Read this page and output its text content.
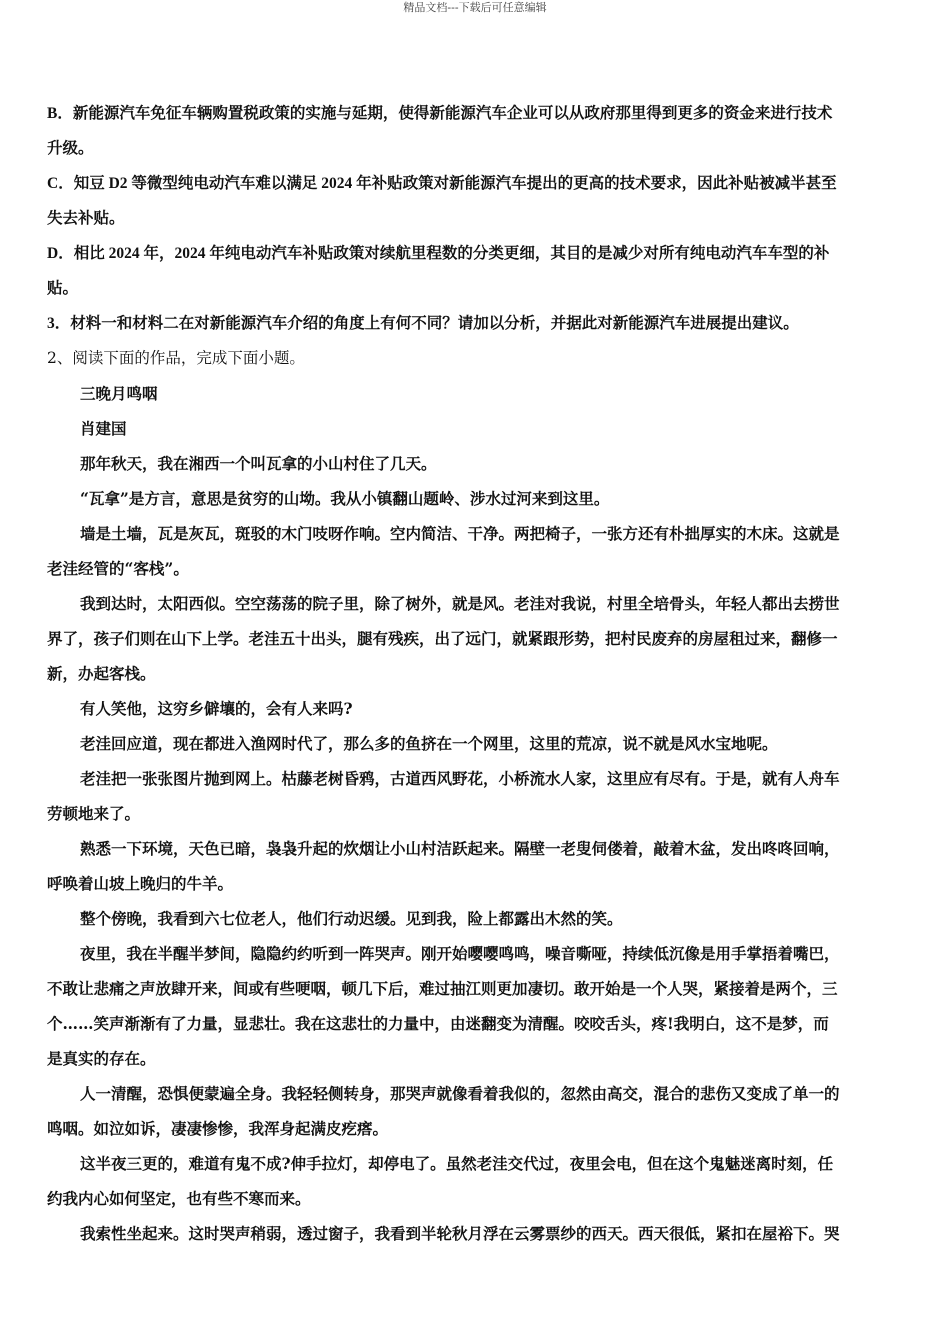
精品文档---下载后可任意编辑
B．新能源汽车免征车辆购置税政策的实施与延期，使得新能源汽车企业可以从政府那里得到更多的资金来进行技术
升级。
C．知豆 D2 等微型纯电动汽车难以满足 2024 年补贴政策对新能源汽车提出的更高的技术要求，因此补贴被减半甚至
失去补贴。
D．相比 2024 年，2024 年纯电动汽车补贴政策对续航里程数的分类更细，其目的是减少对所有纯电动汽车车型的补
贴。
3．材料一和材料二在对新能源汽车介绍的角度上有何不同？请加以分析，并据此对新能源汽车进展提出建议。
2、阅读下面的作品，完成下面小题。
三晚月鸣咽
肖建国
那年秋天，我在湘西一个叫瓦拿的小山村住了几天。
“瓦拿”是方言，意思是贫穷的山坳。我从小镇翻山题岭、涉水过河来到这里。
墙是土墙，瓦是灰瓦，斑驳的木门吱呀作响。空内简洁、干净。两把椅子，一张方还有朴拙厚实的木床。这就是
老洼经管的“客栈”。
我到达时，太阳西似。空空荡荡的院子里，除了树外，就是风。老洼对我说，村里全培骨头，年轻人都出去捞世
界了，孩子们则在山下上学。老洼五十出头，腿有残疾，出了远门，就紧跟形势，把村民废弃的房屋租过来，翻修一
新，办起客栈。
有人笑他，这穷乡僻壤的，会有人来吗?
老洼回应道，现在都进入渔网时代了，那么多的鱼挤在一个网里，这里的荒凉，说不就是风水宝地呢。
老洼把一张张图片抛到网上。枯藤老树昏鸦，古道西风野花，小桥流水人家，这里应有尽有。于是，就有人舟车
劳顿地来了。
熟悉一下环境，天色已暗，袅袅升起的炊烟让小山村洁跃起来。隔壁一老叟伺偻着，敲着木盆，发出咚咚回响，
呼唤着山坡上晚归的牛羊。
整个傍晚，我看到六七位老人，他们行动迟缓。见到我，险上都露出木然的笑。
夜里，我在半醒半梦间，隐隐约约听到一阵哭声。刚开始嘤嘤鸣鸣，噪音嘶哑，持续低沉像是用手掌捂着嘴巴，
不敢让悲痛之声放肆开来，间或有些哽咽，顿几下后，难过抽江则更加凄切。敢开始是一个人哭，紧接着是两个，三
个……笑声渐渐有了力量，显悲壮。我在这悲壮的力量中，由迷翻变为清醒。咬咬舌头，疼!我明白，这不是梦，而
是真实的存在。
人一清醒，恐惧便蒙遍全身。我轻轻侧转身，那哭声就像看着我似的，忽然由高交，混合的悲伤又变成了单一的
鸣咽。如泣如诉，凄凄惨惨，我浑身起满皮疙瘩。
这半夜三更的，难道有鬼不成?伸手拉灯，却停电了。虽然老洼交代过，夜里会电，但在这个鬼魅迷离时刻，任
约我内心如何坚定，也有些不寒而来。
我索性坐起来。这时哭声稍弱，透过窗子，我看到半轮秋月浮在云雾票纱的西天。西天很低，紧扣在屋裕下。哭
